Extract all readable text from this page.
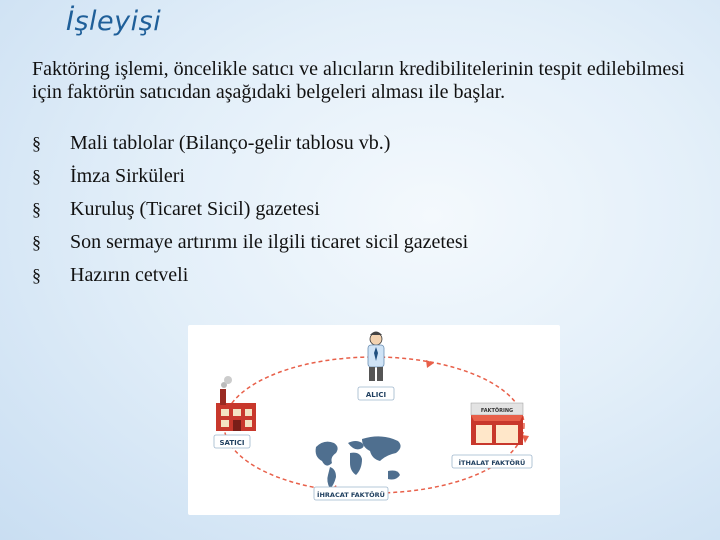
İşleyişi
Faktöring işlemi, öncelikle satıcı ve alıcıların kredibilitelerinin tespit edilebilmesi için faktörün satıcıdan aşağıdaki belgeleri alması ile başlar.
§	Mali tablolar (Bilanço-gelir tablosu vb.)
§	İmza Sirküleri
§	Kuruluş (Ticaret Sicil) gazetesi
§	Son sermaye artırımı ile ilgili ticaret sicil gazetesi
§	Hazırın cetveli
ALICI
SATICI
İTHALAT FAKTÖRÜ
İHRACAT FAKTÖRÜ
FAKTÖRING
